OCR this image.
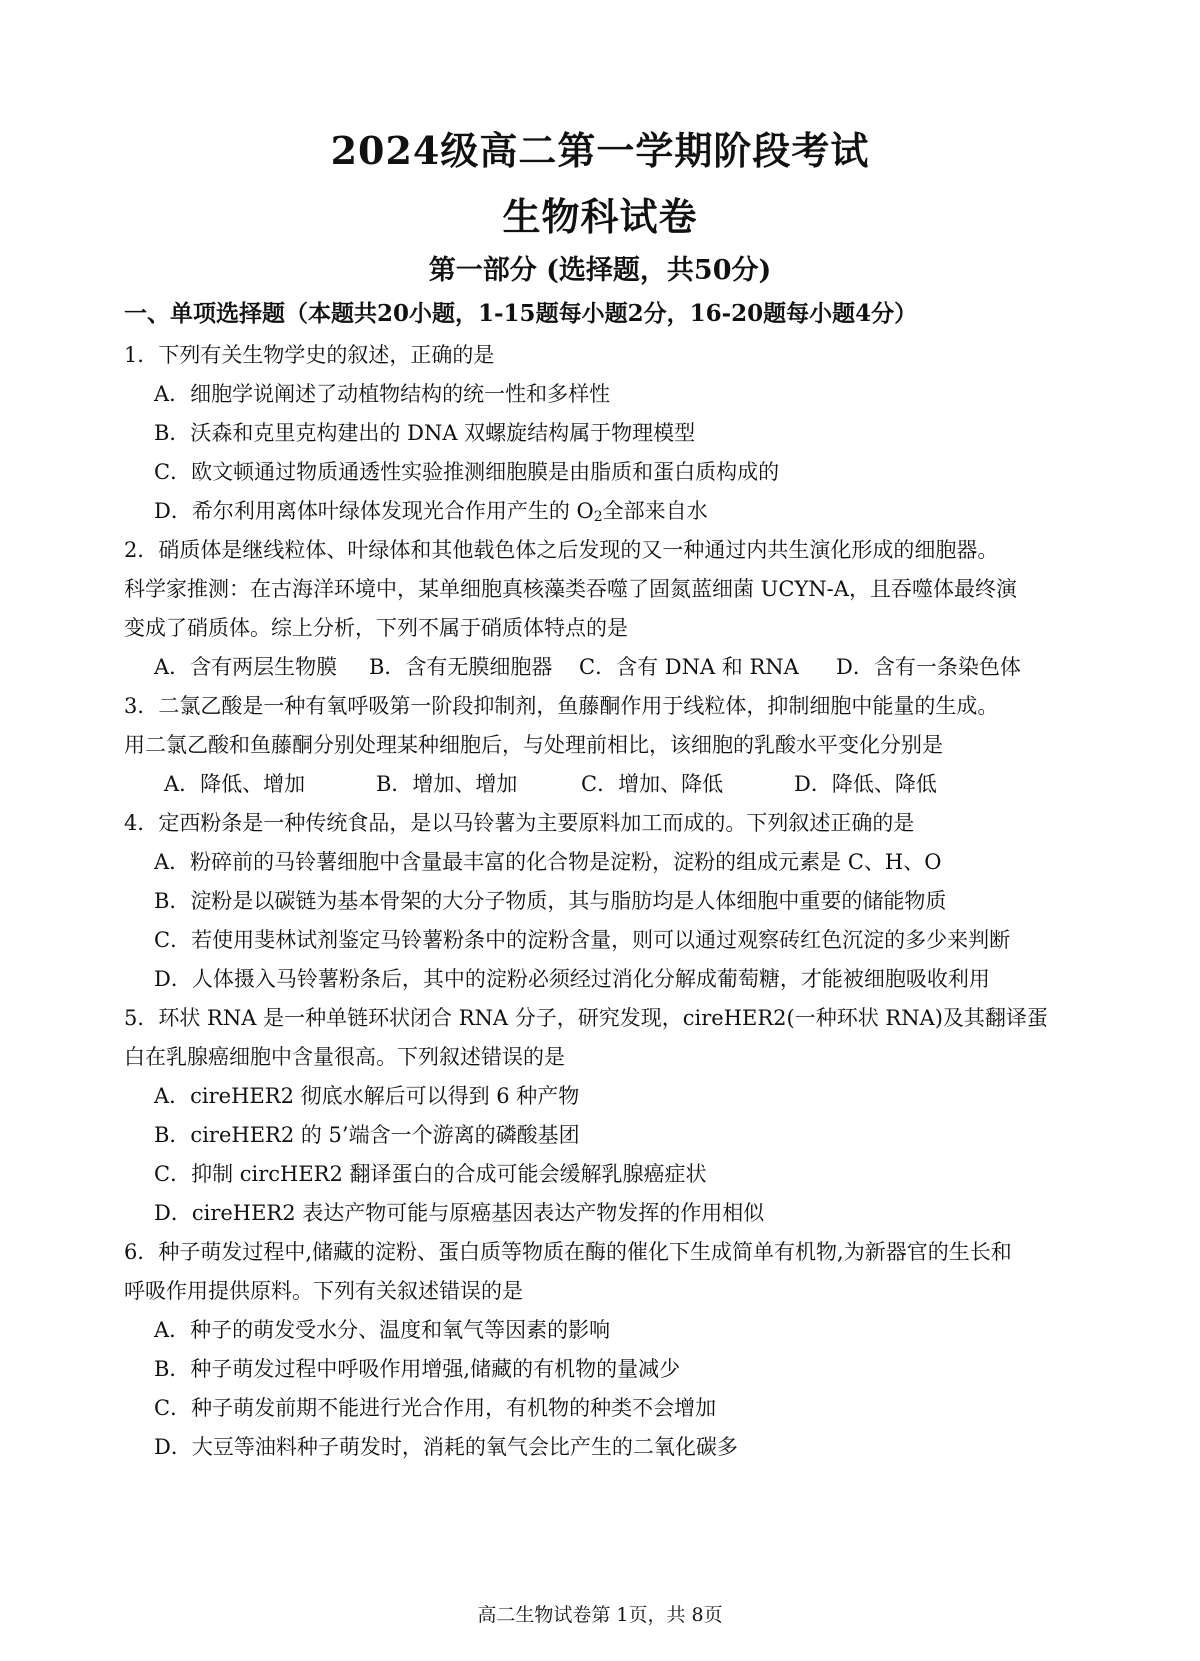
2024级高二第一学期阶段考试
生物科试卷
第一部分 (选择题，共50分)
一、单项选择题（本题共20小题，1-15题每小题2分，16-20题每小题4分）
1．下列有关生物学史的叙述，正确的是
A．细胞学说阐述了动植物结构的统一性和多样性
B．沃森和克里克构建出的 DNA 双螺旋结构属于物理模型
C．欧文顿通过物质通透性实验推测细胞膜是由脂质和蛋白质构成的
D．希尔利用离体叶绿体发现光合作用产生的 $O_2$全部来自水
2．硝质体是继线粒体、叶绿体和其他载色体之后发现的又一种通过内共生演化形成的细胞器。
科学家推测：在古海洋环境中，某单细胞真核藻类吞噬了固氮蓝细菌 UCYN-A，且吞噬体最终演
变成了硝质体。综上分析，下列不属于硝质体特点的是
A．含有两层生物膜 B．含有无膜细胞器 C．含有 DNA 和 RNA D．含有一条染色体
3．二氯乙酸是一种有氧呼吸第一阶段抑制剂，鱼藤酮作用于线粒体，抑制细胞中能量的生成。
用二氯乙酸和鱼藤酮分别处理某种细胞后，与处理前相比，该细胞的乳酸水平变化分别是
A．降低、增加	B．增加、增加	C．增加、降低	D．降低、降低
4．定西粉条是一种传统食品，是以马铃薯为主要原料加工而成的。下列叙述正确的是
A．粉碎前的马铃薯细胞中含量最丰富的化合物是淀粉，淀粉的组成元素是 C、H、O
B．淀粉是以碳链为基本骨架的大分子物质，其与脂肪均是人体细胞中重要的储能物质
C．若使用斐林试剂鉴定马铃薯粉条中的淀粉含量，则可以通过观察砖红色沉淀的多少来判断
D．人体摄入马铃薯粉条后，其中的淀粉必须经过消化分解成葡萄糖，才能被细胞吸收利用
5．环状 RNA 是一种单链环状闭合 RNA 分子，研究发现，cireHER2(一种环状 RNA)及其翻译蛋
白在乳腺癌细胞中含量很高。下列叙述错误的是
A．cireHER2 彻底水解后可以得到 6 种产物
B．cireHER2 的 5’端含一个游离的磷酸基团
C．抑制 circHER2 翻译蛋白的合成可能会缓解乳腺癌症状
D．cireHER2 表达产物可能与原癌基因表达产物发挥的作用相似
6．种子萌发过程中,储藏的淀粉、蛋白质等物质在酶的催化下生成简单有机物,为新器官的生长和
呼吸作用提供原料。下列有关叙述错误的是
A．种子的萌发受水分、温度和氧气等因素的影响
B．种子萌发过程中呼吸作用增强,储藏的有机物的量减少
C．种子萌发前期不能进行光合作用，有机物的种类不会增加
D．大豆等油料种子萌发时，消耗的氧气会比产生的二氧化碳多
高二生物试卷第 1页，共 8页
